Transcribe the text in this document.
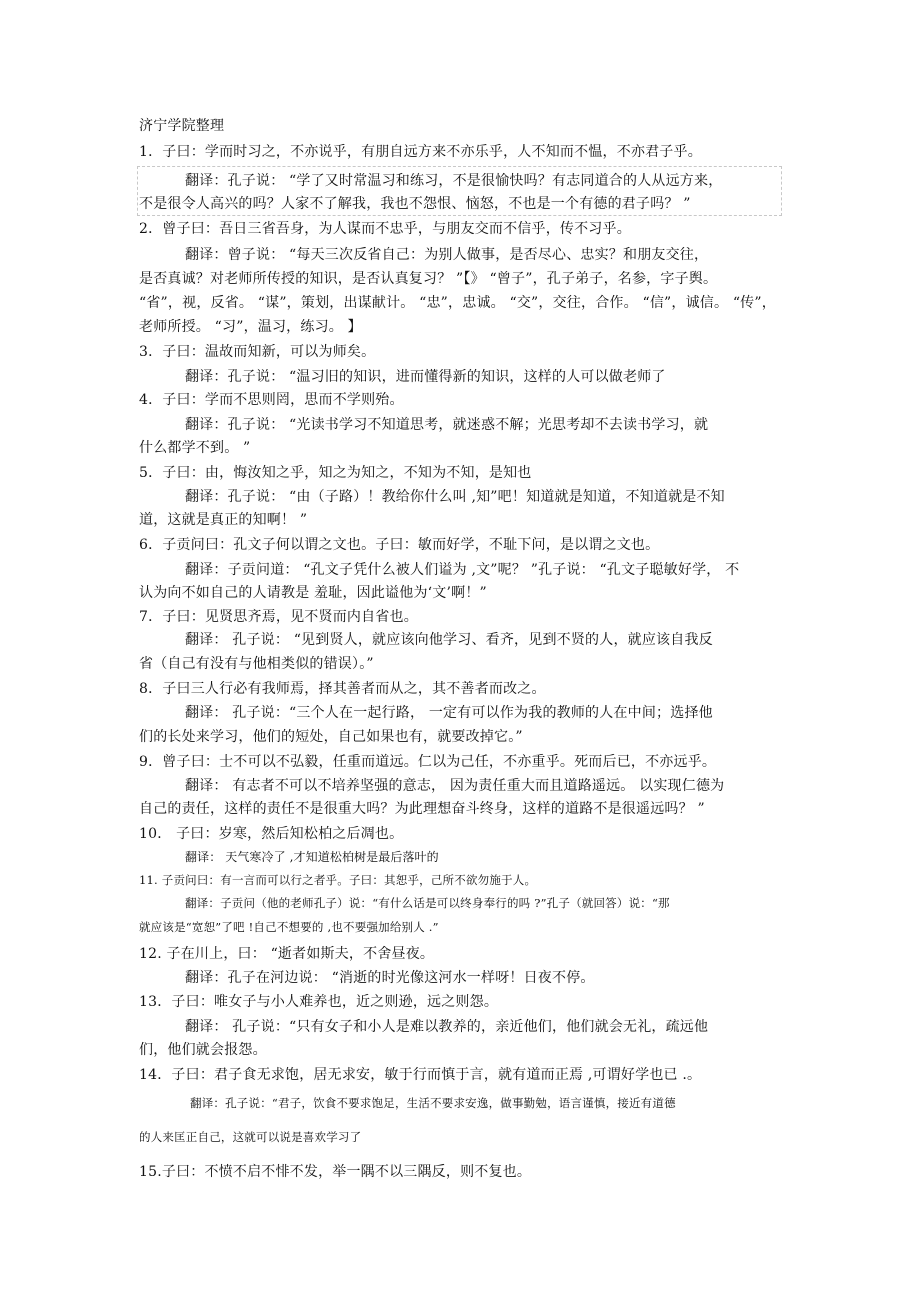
济宁学院整理
1．子曰：学而时习之，不亦说乎，有朋自远方来不亦乐乎，人不知而不愠，不亦君子乎。
翻译：孔子说： “学了又时常温习和练习，不是很愉快吗？有志同道合的人从远方来，
不是很令人高兴的吗？人家不了解我，我也不怨恨、恼怒，不也是一个有德的君子吗？ ”
2．曾子曰：吾日三省吾身，为人谋而不忠乎，与朋友交而不信乎，传不习乎。
翻译：曾子说： “每天三次反省自己：为别人做事，是否尽心、忠实？和朋友交往，
是否真诚？对老师所传授的知识，是否认真复习？ ”【》 “曾子”，孔子弟子，名参，字子舆。
“省”，视，反省。 “谋”，策划，出谋献计。 “忠”，忠诚。 “交”，交往，合作。 “信”，诚信。 “传”，
老师所授。 “习”，温习，练习。 】
3．子曰：温故而知新，可以为师矣。
翻译：孔子说： “温习旧的知识，进而懂得新的知识，这样的人可以做老师了
4．子曰：学而不思则罔，思而不学则殆。
翻译：孔子说： “光读书学习不知道思考，就迷惑不解；光思考却不去读书学习，就
什么都学不到。 ”
5．子曰：由，悔汝知之乎，知之为知之，不知为不知，是知也
翻译：孔子说： “由（子路）！教给你什么叫 ,知”吧！知道就是知道，不知道就是不知
道，这就是真正的知啊！ ”
6．子贡问曰：孔文子何以谓之文也。子曰：敏而好学，不耻下问，是以谓之文也。
翻译：子贡问道： “孔文子凭什么被人们谥为 ,文”呢？ ”孔子说： “孔文子聪敏好学， 不
认为向不如自己的人请教是 羞耻，因此谥他为‘文’啊！”
7．子曰：见贤思齐焉，见不贤而内自省也。
翻译： 孔子说： “见到贤人，就应该向他学习、看齐，见到不贤的人，就应该自我反
省（自己有没有与他相类似的错误）。”
8．子曰三人行必有我师焉，择其善者而从之，其不善者而改之。
翻译： 孔子说：“三个人在一起行路， 一定有可以作为我的教师的人在中间；选择他
们的长处来学习，他们的短处，自己如果也有，就要改掉它。”
9．曾子曰：士不可以不弘毅，任重而道远。仁以为己任，不亦重乎。死而后已，不亦远乎。
翻译： 有志者不可以不培养坚强的意志， 因为责任重大而且道路遥远。 以实现仁德为
自己的责任，这样的责任不是很重大吗？为此理想奋斗终身，这样的道路不是很遥远吗？ ”
10． 子曰：岁寒，然后知松柏之后凋也。
翻译： 天气寒冷了 ,才知道松柏树是最后落叶的
11. 子贡问曰：有一言而可以行之者乎。子曰：其恕乎，己所不欲勿施于人。
翻译：子贡问（他的老师孔子）说：“有什么话是可以终身奉行的吗 ?”孔子（就回答）说：“那
就应该是“宽恕”了吧 !自己不想要的 ,也不要强加给别人 .”
12. 子在川上，曰： “逝者如斯夫，不舍昼夜。
翻译：孔子在河边说： “消逝的时光像这河水一样呀！日夜不停。
13．子曰：唯女子与小人难养也，近之则逊，远之则怨。
翻译： 孔子说：“只有女子和小人是难以教养的，亲近他们，他们就会无礼，疏远他
们，他们就会报怨。
14．子曰：君子食无求饱，居无求安，敏于行而慎于言，就有道而正焉 ,可谓好学也已 .。
翻译：孔子说：“君子，饮食不要求饱足，生活不要求安逸，做事勤勉，语言谨慎，接近有道德
的人来匡正自己，这就可以说是喜欢学习了
15.子曰：不愤不启不悱不发，举一隅不以三隅反，则不复也。
